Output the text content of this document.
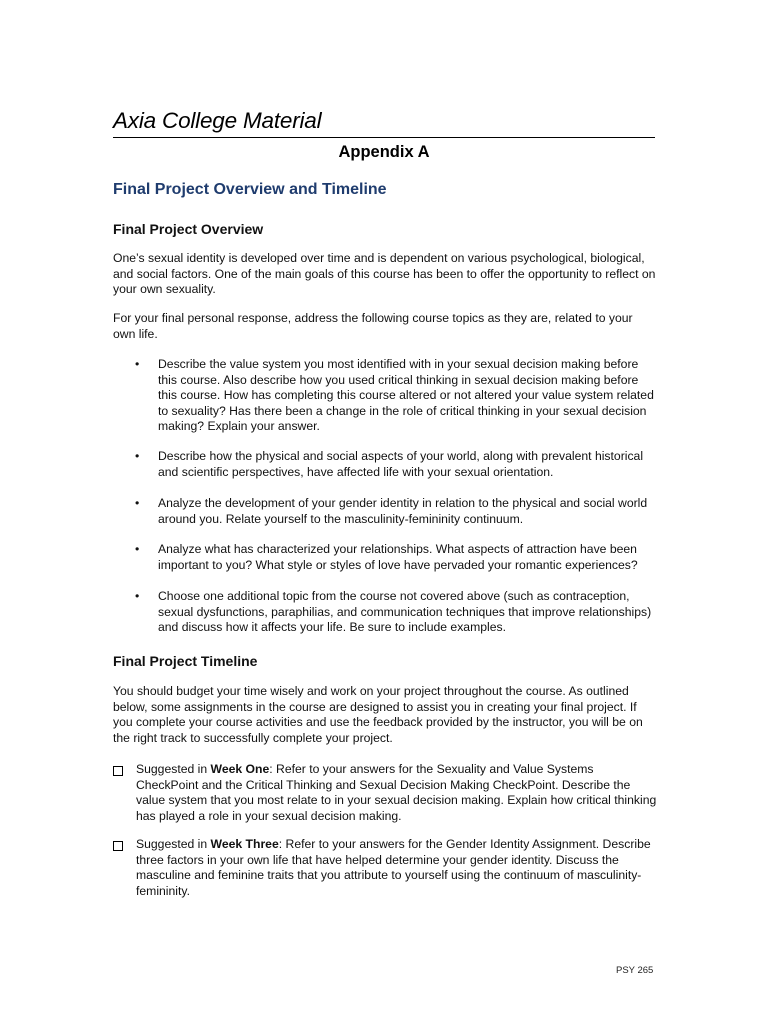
Axia College Material
Appendix A
Final Project Overview and Timeline
Final Project Overview
One’s sexual identity is developed over time and is dependent on various psychological, biological, and social factors. One of the main goals of this course has been to offer the opportunity to reflect on your own sexuality.
For your final personal response, address the following course topics as they are, related to your own life.
•	Describe the value system you most identified with in your sexual decision making before this course. Also describe how you used critical thinking in sexual decision making before this course. How has completing this course altered or not altered your value system related to sexuality? Has there been a change in the role of critical thinking in your sexual decision making? Explain your answer.
•	Describe how the physical and social aspects of your world, along with prevalent historical and scientific perspectives, have affected life with your sexual orientation.
•	Analyze the development of your gender identity in relation to the physical and social world around you. Relate yourself to the masculinity-femininity continuum.
•	Analyze what has characterized your relationships. What aspects of attraction have been important to you? What style or styles of love have pervaded your romantic experiences?
•	Choose one additional topic from the course not covered above (such as contraception, sexual dysfunctions, paraphilias, and communication techniques that improve relationships) and discuss how it affects your life. Be sure to include examples.
Final Project Timeline
You should budget your time wisely and work on your project throughout the course. As outlined below, some assignments in the course are designed to assist you in creating your final project. If you complete your course activities and use the feedback provided by the instructor, you will be on the right track to successfully complete your project.
Suggested in Week One: Refer to your answers for the Sexuality and Value Systems CheckPoint and the Critical Thinking and Sexual Decision Making CheckPoint. Describe the value system that you most relate to in your sexual decision making. Explain how critical thinking has played a role in your sexual decision making.
Suggested in Week Three: Refer to your answers for the Gender Identity Assignment. Describe three factors in your own life that have helped determine your gender identity. Discuss the masculine and feminine traits that you attribute to yourself using the continuum of masculinity-femininity.
PSY 265
